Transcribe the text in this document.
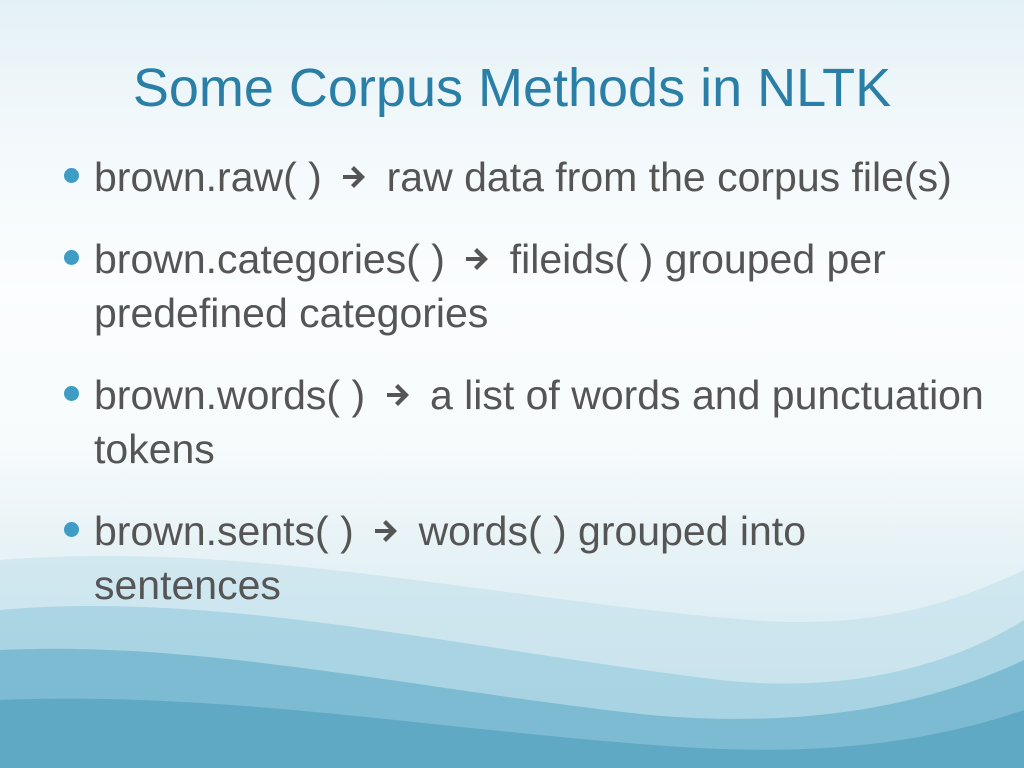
Some Corpus Methods in NLTK
brown.raw( ) raw data from the corpus file(s)
brown.categories( ) fileids( ) grouped per predefined categories
brown.words( ) a list of words and punctuation tokens
brown.sents( ) words( ) grouped into sentences
